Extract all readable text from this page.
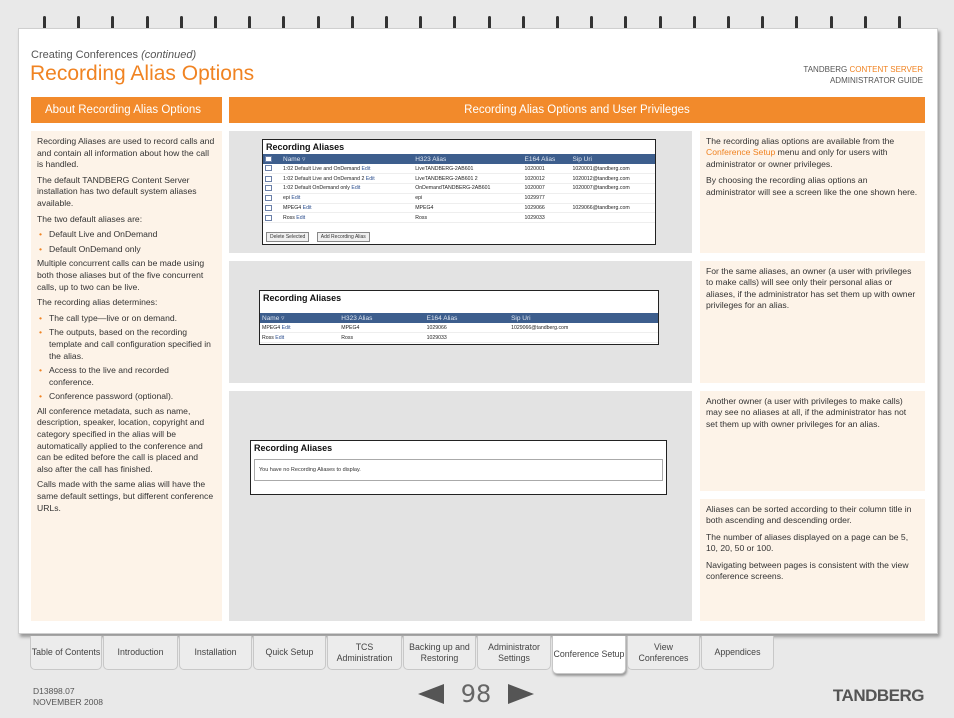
Creating Conferences (continued)
Recording Alias Options	TANDBERG CONTENT SERVER
ADMINISTRATOR GUIDE
About Recording Alias Options	Recording Alias Options and User Privileges

Recording Aliases are used to record calls and and contain all information about how the call is handled.

The default TANDBERG Content Server installation has two default system aliases available.

The two default aliases are:

• Default Live and OnDemand
• Default OnDemand only

Multiple concurrent calls can be made using both those aliases but of the five concurrent calls, up to two can be live.

The recording alias determines:

• The call type—live or on demand.
• The outputs, based on the recording template and call configuration specified in the alias.
• Access to the live and recorded conference.
• Conference password (optional).

All conference metadata, such as name, description, speaker, location, copyright and category specified in the alias will be automatically applied to the conference and can be edited before the call is placed and also after the call has finished.

Calls made with the same alias will have the same default settings, but different conference URLs.

Recording Aliases
	Name ▿	H323 Alias	E164 Alias	Sip Uri
	1:02 Default Live and OnDemand Edit	LiveTANDBERG-2AB601	1020001	1020001@tandberg.com
	1:02 Default Live and OnDemand 2 Edit	LiveTANDBERG-2AB601 2	1020012	1020012@tandberg.com
	1:02 Default OnDemand only Edit	OnDemandTANDBERG-2AB601	1020007	1020007@tandberg.com
	epi Edit	epi	1029977	
	MPEG4 Edit	MPEG4	1029066	1029066@tandberg.com
	Ross Edit	Ross	1029033	
Delete Selected	Add Recording Alias
Recording Aliases
Name ▿	H323 Alias	E164 Alias	Sip Uri
MPEG4 Edit	MPEG4	1029066	1029066@tandberg.com
Ross Edit	Ross	1029033	
Recording Aliases
You have no Recording Aliases to display.

The recording alias options are available from the Conference Setup menu and only for users with administrator or owner privileges.

By choosing the recording alias options an administrator will see a screen like the one shown here.

For the same aliases, an owner (a user with privileges to make calls) will see only their personal alias or aliases, if the administrator has set them up with owner privileges for an alias.

Another owner (a user with privileges to make calls) may see no aliases at all, if the administrator has not set them up with owner privileges for an alias.

Aliases can be sorted according to their column title in both ascending and descending order.

The number of aliases displayed on a page can be 5, 10, 20, 50 or 100.

Navigating between pages is consistent with the view conference screens.

Table of Contents	Introduction	Installation	Quick Setup
TCS Administration
Backing up and Restoring
Administrator Settings	Conference Setup
View Conferences
Appendices
D13898.07
NOVEMBER 2008	98	TANDBERG
